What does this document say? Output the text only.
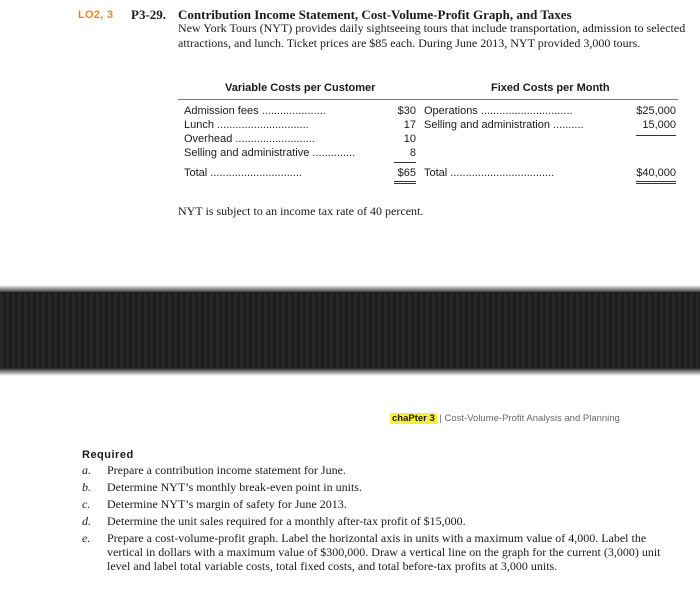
LO2, 3 P3-29. Contribution Income Statement, Cost-Volume-Profit Graph, and Taxes
New York Tours (NYT) provides daily sightseeing tours that include transportation, admission to selected attractions, and lunch. Ticket prices are $85 each. During June 2013, NYT provided 3,000 tours.
Variable Costs per Customer	Fixed Costs per Month
Admission fees .....................	$30
Lunch ..............................	17
Overhead ..........................	10
Selling and administrative ..............	8
Total ..............................	$65
Operations ..............................	$25,000
Selling and administration ..........	15,000
Total ..................................	$40,000
NYT is subject to an income tax rate of 40 percent.
chaPter 3 | Cost-Volume-Profit Analysis and Planning
Required
a. Prepare a contribution income statement for June.
b. Determine NYT’s monthly break-even point in units.
c. Determine NYT’s margin of safety for June 2013.
d. Determine the unit sales required for a monthly after-tax profit of $15,000.
e. Prepare a cost-volume-profit graph. Label the horizontal axis in units with a maximum value of 4,000. Label the vertical in dollars with a maximum value of $300,000. Draw a vertical line on the graph for the current (3,000) unit level and label total variable costs, total fixed costs, and total before-tax profits at 3,000 units.
